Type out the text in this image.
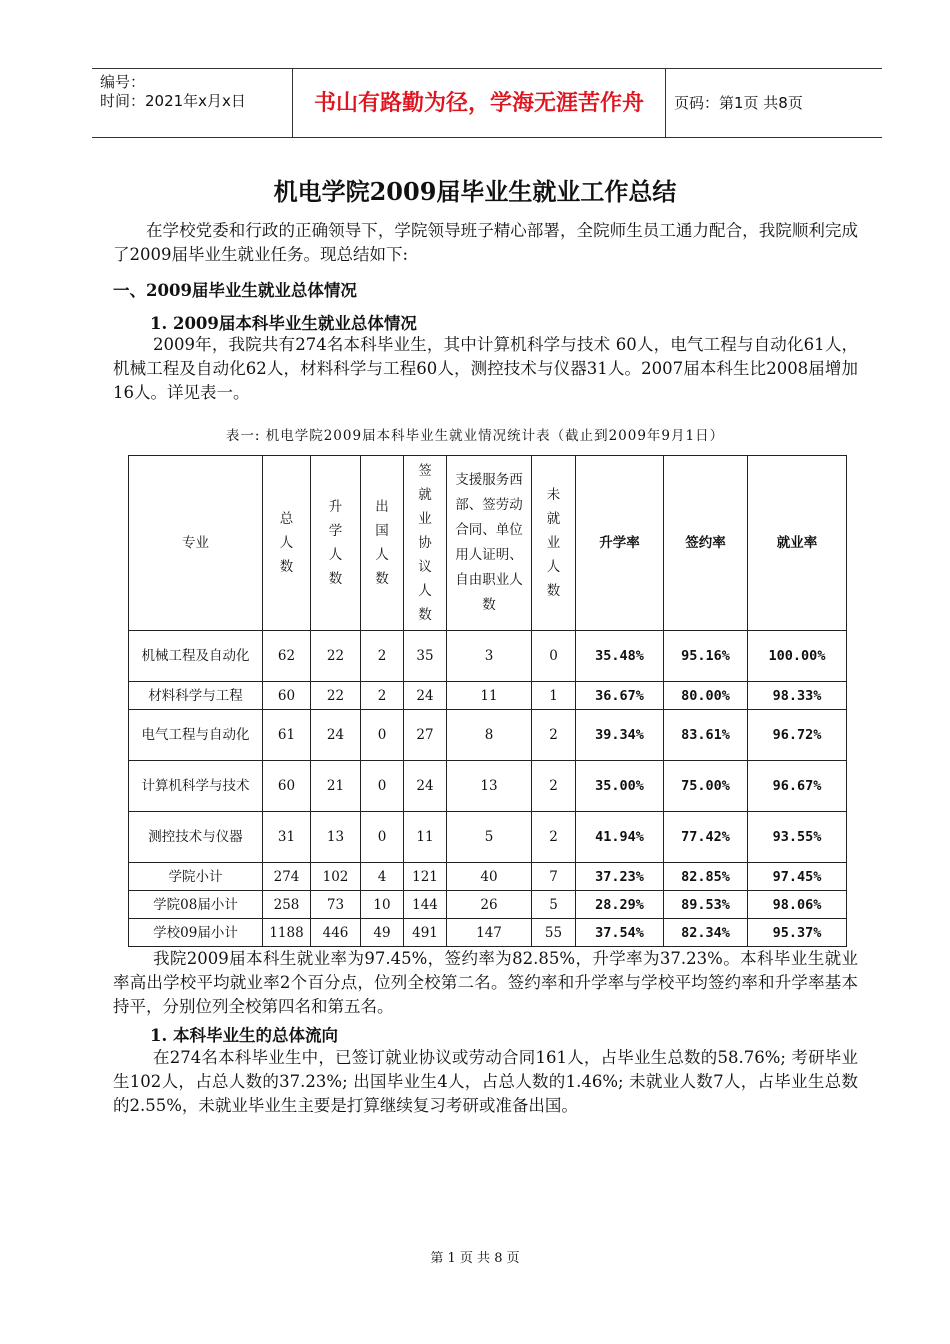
编号：
时间：2021年x月x日	书山有路勤为径，学海无涯苦作舟	页码：第1页 共8页
机电学院2009届毕业生就业工作总结

在学校党委和行政的正确领导下，学院领导班子精心部署，全院师生员工通力配合，我院顺利完成了2009届毕业生就业任务。现总结如下:

一、2009届毕业生就业总体情况
1. 2009届本科毕业生就业总体情况

2009年，我院共有274名本科毕业生，其中计算机科学与技术 60人，电气工程与自动化61人，机械工程及自动化62人，材料科学与工程60人，测控技术与仪器31人。2007届本科生比2008届增加16人。详见表一。

表一: 机电学院2009届本科毕业生就业情况统计表（截止到2009年9月1日）
专业	总人数	升学人数	出国人数	签就业协议人数	支援服务西部、签劳动合同、单位用人证明、自由职业人数	未就业人数	升学率	签约率	就业率
机械工程及自动化	62	22	2	35	3	0	35.48%	95.16%	100.00%
材料科学与工程	60	22	2	24	11	1	36.67%	80.00%	98.33%
电气工程与自动化	61	24	0	27	8	2	39.34%	83.61%	96.72%
计算机科学与技术	60	21	0	24	13	2	35.00%	75.00%	96.67%
测控技术与仪器	31	13	0	11	5	2	41.94%	77.42%	93.55%
学院小计	274	102	4	121	40	7	37.23%	82.85%	97.45%
学院08届小计	258	73	10	144	26	5	28.29%	89.53%	98.06%
学校09届小计	1188	446	49	491	147	55	37.54%	82.34%	95.37%

我院2009届本科生就业率为97.45%，签约率为82.85%，升学率为37.23%。本科毕业生就业率高出学校平均就业率2个百分点，位列全校第二名。签约率和升学率与学校平均签约率和升学率基本持平，分别位列全校第四名和第五名。

1. 本科毕业生的总体流向

在274名本科毕业生中，已签订就业协议或劳动合同161人，占毕业生总数的58.76%; 考研毕业生102人，占总人数的37.23%; 出国毕业生4人，占总人数的1.46%; 未就业人数7人，占毕业生总数的2.55%，未就业毕业生主要是打算继续复习考研或准备出国。

第 1 页 共 8 页
